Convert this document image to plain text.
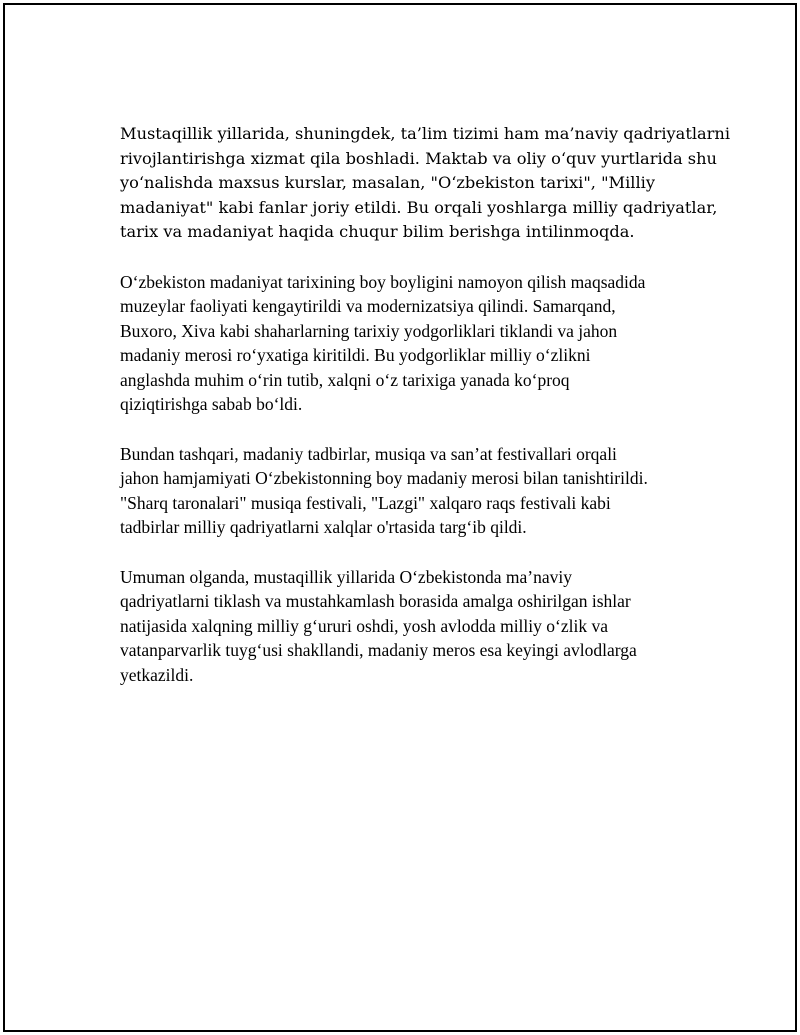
Mustaqillik yillarida, shuningdek, ta’lim tizimi ham ma’naviy qadriyatlarni
rivojlantirishga xizmat qila boshladi. Maktab va oliy o‘quv yurtlarida shu
yo‘nalishda maxsus kurslar, masalan, "O‘zbekiston tarixi", "Milliy
madaniyat" kabi fanlar joriy etildi. Bu orqali yoshlarga milliy qadriyatlar,
tarix va madaniyat haqida chuqur bilim berishga intilinmoqda.

O‘zbekiston madaniyat tarixining boy boyligini namoyon qilish maqsadida
muzeylar faoliyati kengaytirildi va modernizatsiya qilindi. Samarqand,
Buxoro, Xiva kabi shaharlarning tarixiy yodgorliklari tiklandi va jahon
madaniy merosi ro‘yxatiga kiritildi. Bu yodgorliklar milliy o‘zlikni
anglashda muhim o‘rin tutib, xalqni o‘z tarixiga yanada ko‘proq
qiziqtirishga sabab bo‘ldi.

Bundan tashqari, madaniy tadbirlar, musiqa va san’at festivallari orqali
jahon hamjamiyati O‘zbekistonning boy madaniy merosi bilan tanishtirildi.
"Sharq taronalari" musiqa festivali, "Lazgi" xalqaro raqs festivali kabi
tadbirlar milliy qadriyatlarni xalqlar o'rtasida targ‘ib qildi.

Umuman olganda, mustaqillik yillarida O‘zbekistonda ma’naviy
qadriyatlarni tiklash va mustahkamlash borasida amalga oshirilgan ishlar
natijasida xalqning milliy g‘ururi oshdi, yosh avlodda milliy o‘zlik va
vatanparvarlik tuyg‘usi shakllandi, madaniy meros esa keyingi avlodlarga
yetkazildi.
